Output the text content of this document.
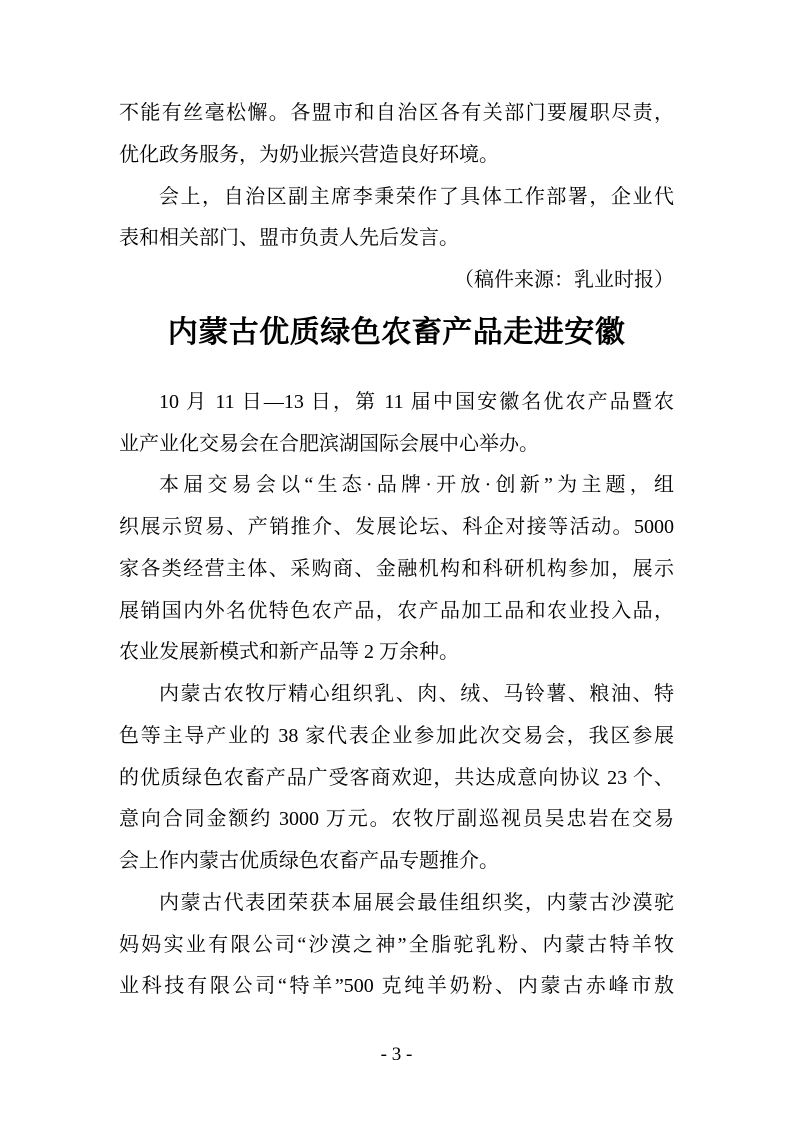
不能有丝毫松懈。各盟市和自治区各有关部门要履职尽责，
优化政务服务，为奶业振兴营造良好环境。
会上，自治区副主席李秉荣作了具体工作部署，企业代
表和相关部门、盟市负责人先后发言。
（稿件来源：乳业时报）
内蒙古优质绿色农畜产品走进安徽
10 月 11 日—13 日，第 11 届中国安徽名优农产品暨农
业产业化交易会在合肥滨湖国际会展中心举办。
本届交易会以“生态·品牌·开放·创新”为主题，组
织展示贸易、产销推介、发展论坛、科企对接等活动。5000
家各类经营主体、采购商、金融机构和科研机构参加，展示
展销国内外名优特色农产品，农产品加工品和农业投入品，
农业发展新模式和新产品等 2 万余种。
内蒙古农牧厅精心组织乳、肉、绒、马铃薯、粮油、特
色等主导产业的 38 家代表企业参加此次交易会，我区参展
的优质绿色农畜产品广受客商欢迎，共达成意向协议 23 个、
意向合同金额约 3000 万元。农牧厅副巡视员吴忠岩在交易
会上作内蒙古优质绿色农畜产品专题推介。
内蒙古代表团荣获本届展会最佳组织奖，内蒙古沙漠驼
妈妈实业有限公司“沙漠之神”全脂驼乳粉、内蒙古特羊牧
业科技有限公司“特羊”500 克纯羊奶粉、内蒙古赤峰市敖
- 3 -
